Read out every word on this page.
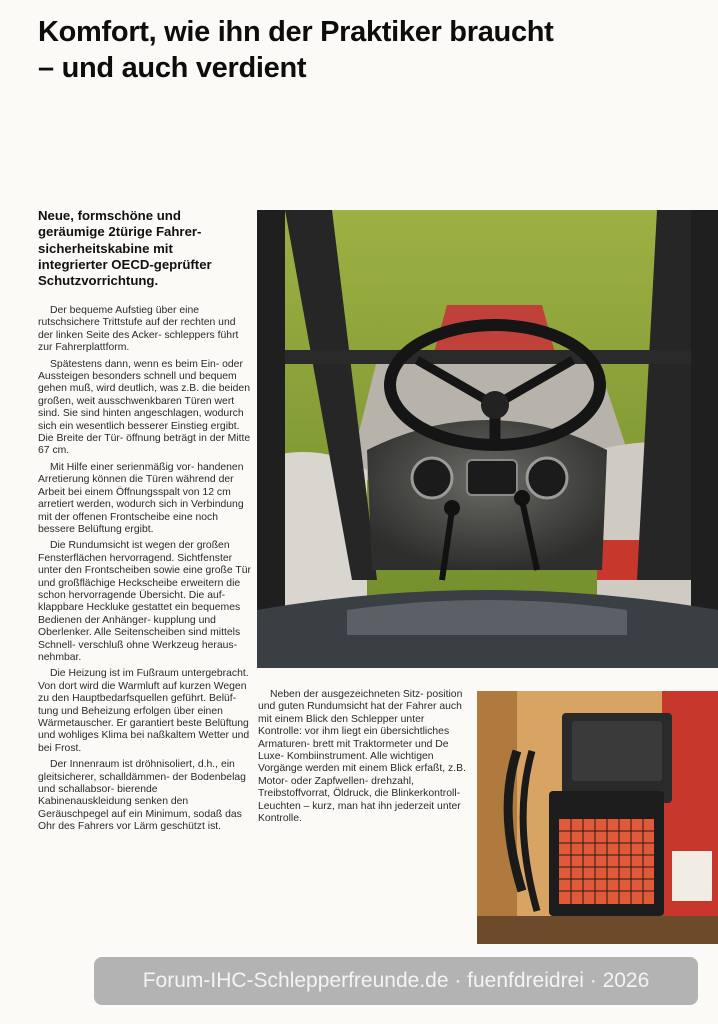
Komfort, wie ihn der Praktiker braucht
– und auch verdient
Neue, formschöne und
geräumige 2türige Fahrer-
sicherheitskabine mit
integrierter OECD-geprüfter
Schutzvorrichtung.

Der bequeme Aufstieg über eine rutschsichere Trittstufe auf der rechten und der linken Seite des Acker- schleppers führt zur Fahrerplattform.

Spätestens dann, wenn es beim Ein- oder Aussteigen besonders schnell und bequem gehen muß, wird deutlich, was z.B. die beiden großen, weit ausschwenkbaren Türen wert sind. Sie sind hinten angeschlagen, wodurch sich ein wesentlich besserer Einstieg ergibt. Die Breite der Tür- öffnung beträgt in der Mitte 67 cm.

Mit Hilfe einer serienmäßig vor- handenen Arretierung können die Türen während der Arbeit bei einem Öffnungsspalt von 12 cm arretiert werden, wodurch sich in Verbindung mit der offenen Frontscheibe eine noch bessere Belüftung ergibt.

Die Rundumsicht ist wegen der großen Fensterflächen hervorragend. Sichtfenster unter den Frontscheiben sowie eine große Tür und großflächige Heckscheibe erweitern die schon hervorragende Übersicht. Die auf- klappbare Heckluke gestattet ein bequemes Bedienen der Anhänger- kupplung und Oberlenker. Alle Seitenscheiben sind mittels Schnell- verschluß ohne Werkzeug heraus- nehmbar.

Die Heizung ist im Fußraum untergebracht. Von dort wird die Warmluft auf kurzen Wegen zu den Hauptbedarfsquellen geführt. Belüf- tung und Beheizung erfolgen über einen Wärmetauscher. Er garantiert beste Belüftung und wohliges Klima bei naßkaltem Wetter und bei Frost.

Der Innenraum ist dröhnisoliert, d.h., ein gleitsicherer, schalldämmen- der Bodenbelag und schallabsor- bierende Kabinenauskleidung senken den Geräuschpegel auf ein Minimum, sodaß das Ohr des Fahrers vor Lärm geschützt ist.

Neben der ausgezeichneten Sitz- position und guten Rundumsicht hat der Fahrer auch mit einem Blick den Schlepper unter Kontrolle: vor ihm liegt ein übersichtliches Armaturen- brett mit Traktormeter und De Luxe- Kombiinstrument. Alle wichtigen Vorgänge werden mit einem Blick erfaßt, z.B. Motor- oder Zapfwellen- drehzahl, Treibstoffvorrat, Öldruck, die Blinkerkontroll-Leuchten – kurz, man hat ihn jederzeit unter Kontrolle.

Forum-IHC-Schlepperfreunde.de · fuenfdreidrei · 2026
